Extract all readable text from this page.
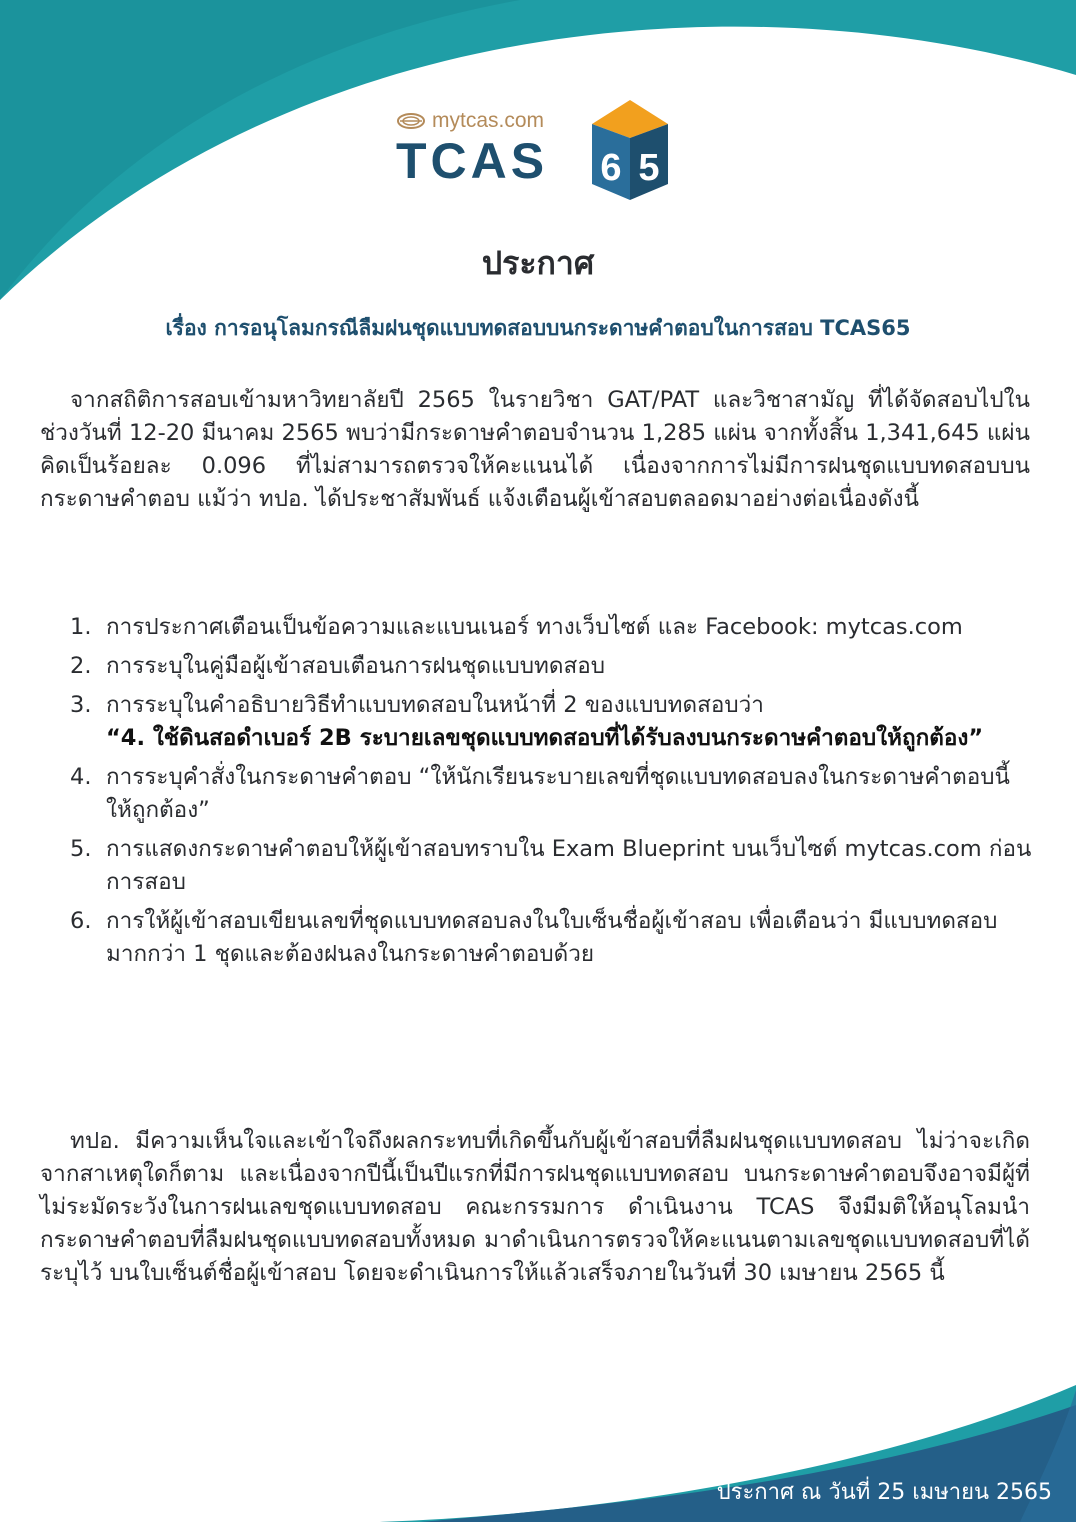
mytcas.com
TCAS 6 5
ประกาศ
เรื่อง การอนุโลมกรณีลืมฝนชุดแบบทดสอบบนกระดาษคำตอบในการสอบ TCAS65

จากสถิติการสอบเข้ามหาวิทยาลัยปี 2565 ในรายวิชา GAT/PAT และวิชาสามัญ ที่ได้จัดสอบไปในช่วงวันที่ 12-20 มีนาคม 2565 พบว่ามีกระดาษคำตอบจำนวน 1,285 แผ่น จากทั้งสิ้น 1,341,645 แผ่น คิดเป็นร้อยละ 0.096 ที่ไม่สามารถตรวจให้คะแนนได้ เนื่องจากการไม่มีการฝนชุดแบบทดสอบบนกระดาษคำตอบ แม้ว่า ทปอ. ได้ประชาสัมพันธ์ แจ้งเตือนผู้เข้าสอบตลอดมาอย่างต่อเนื่องดังนี้

1. การประกาศเตือนเป็นข้อความและแบนเนอร์ ทางเว็บไซต์ และ Facebook: mytcas.com
2. การระบุในคู่มือผู้เข้าสอบเตือนการฝนชุดแบบทดสอบ
3. การระบุในคำอธิบายวิธีทำแบบทดสอบในหน้าที่ 2 ของแบบทดสอบว่า
“4. ใช้ดินสอดำเบอร์ 2B ระบายเลขชุดแบบทดสอบที่ได้รับลงบนกระดาษคำตอบให้ถูกต้อง”
4. การระบุคำสั่งในกระดาษคำตอบ “ให้นักเรียนระบายเลขที่ชุดแบบทดสอบลงในกระดาษคำตอบนี้ให้ถูกต้อง”
5. การแสดงกระดาษคำตอบให้ผู้เข้าสอบทราบใน Exam Blueprint บนเว็บไซต์ mytcas.com ก่อนการสอบ
6. การให้ผู้เข้าสอบเขียนเลขที่ชุดแบบทดสอบลงในใบเซ็นชื่อผู้เข้าสอบ เพื่อเตือนว่า มีแบบทดสอบมากกว่า 1 ชุดและต้องฝนลงในกระดาษคำตอบด้วย

ทปอ. มีความเห็นใจและเข้าใจถึงผลกระทบที่เกิดขึ้นกับผู้เข้าสอบที่ลืมฝนชุดแบบทดสอบ ไม่ว่าจะเกิดจากสาเหตุใดก็ตาม และเนื่องจากปีนี้เป็นปีแรกที่มีการฝนชุดแบบทดสอบ บนกระดาษคำตอบจึงอาจมีผู้ที่ไม่ระมัดระวังในการฝนเลขชุดแบบทดสอบ คณะกรรมการ ดำเนินงาน TCAS จึงมีมติให้อนุโลมนำกระดาษคำตอบที่ลืมฝนชุดแบบทดสอบทั้งหมด มาดำเนินการตรวจให้คะแนนตามเลขชุดแบบทดสอบที่ได้ระบุไว้ บนใบเซ็นต์ชื่อผู้เข้าสอบ โดยจะดำเนินการให้แล้วเสร็จภายในวันที่ 30 เมษายน 2565 นี้

ประกาศ ณ วันที่ 25 เมษายน 2565
